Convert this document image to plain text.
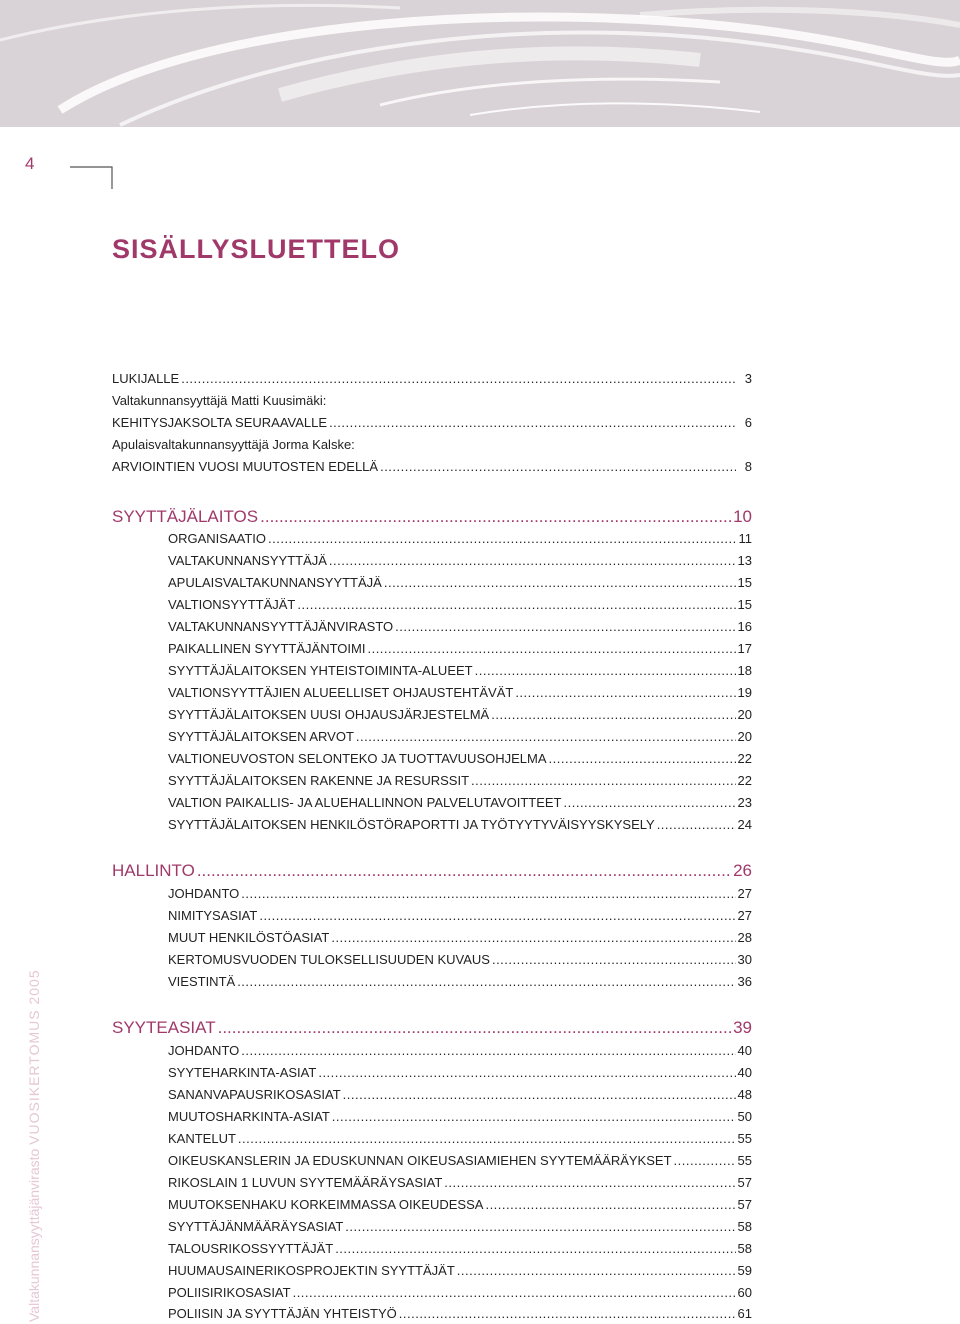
4
SISÄLLYSLUETTELO
Valtakunnansyyttäjänvirasto VUOSIKERTOMUS 2005
LUKIJALLE .....	3
Valtakunnansyyttäjä Matti Kuusimäki:
KEHITYSJAKSOLTA SEURAAVALLE .....	6
Apulaisvaltakunnansyyttäjä Jorma Kalske:
ARVIOINTIEN VUOSI MUUTOSTEN EDELLÄ .....	8
SYYTTÄJÄLAITOS .....	10
ORGANISAATIO .....	11
VALTAKUNNANSYYTTÄJÄ .....	13
APULAISVALTAKUNNANSYYTTÄJÄ .....	15
VALTIONSYYTTÄJÄT .....	15
VALTAKUNNANSYYTTÄJÄNVIRASTO .....	16
PAIKALLINEN SYYTTÄJÄNTOIMI .....	17
SYYTTÄJÄLAITOKSEN YHTEISTOIMINTA-ALUEET .....	18
VALTIONSYYTTÄJIEN ALUEELLISET OHJAUSTEHTÄVÄT .....	19
SYYTTÄJÄLAITOKSEN UUSI OHJAUSJÄRJESTELMÄ .....	20
SYYTTÄJÄLAITOKSEN ARVOT .....	20
VALTIONEUVOSTON SELONTEKO JA TUOTTAVUUSOHJELMA .....	22
SYYTTÄJÄLAITOKSEN RAKENNE JA RESURSSIT .....	22
VALTION PAIKALLIS- JA ALUEHALLINNON PALVELUTAVOITTEET .....	23
SYYTTÄJÄLAITOKSEN HENKILÖSTÖRAPORTTI JA TYÖTYYTYVÄISYYSKYSELY .....	24
HALLINTO .....	26
JOHDANTO .....	27
NIMITYSASIAT .....	27
MUUT HENKILÖSTÖASIAT .....	28
KERTOMUSVUODEN TULOKSELLISUUDEN KUVAUS .....	30
VIESTINTÄ .....	36
SYYTEASIAT .....	39
JOHDANTO .....	40
SYYTEHARKINTA-ASIAT .....	40
SANANVAPAUSRIKOSASIAT .....	48
MUUTOSHARKINTA-ASIAT .....	50
KANTELUT .....	55
OIKEUSKANSLERIN JA EDUSKUNNAN OIKEUSASIAMIEHEN SYYTEMÄÄRÄYKSET .....	55
RIKOSLAIN 1 LUVUN SYYTEMÄÄRÄYSASIAT .....	57
MUUTOKSENHAKU KORKEIMMASSA OIKEUDESSA .....	57
SYYTTÄJÄNMÄÄRÄYSASIAT .....	58
TALOUSRIKOSSYYTTÄJÄT .....	58
HUUMAUSAINERIKOSPROJEKTIN SYYTTÄJÄT .....	59
POLIISIRIKOSASIAT .....	60
POLIISIN JA SYYTTÄJÄN YHTEISTYÖ .....	61
